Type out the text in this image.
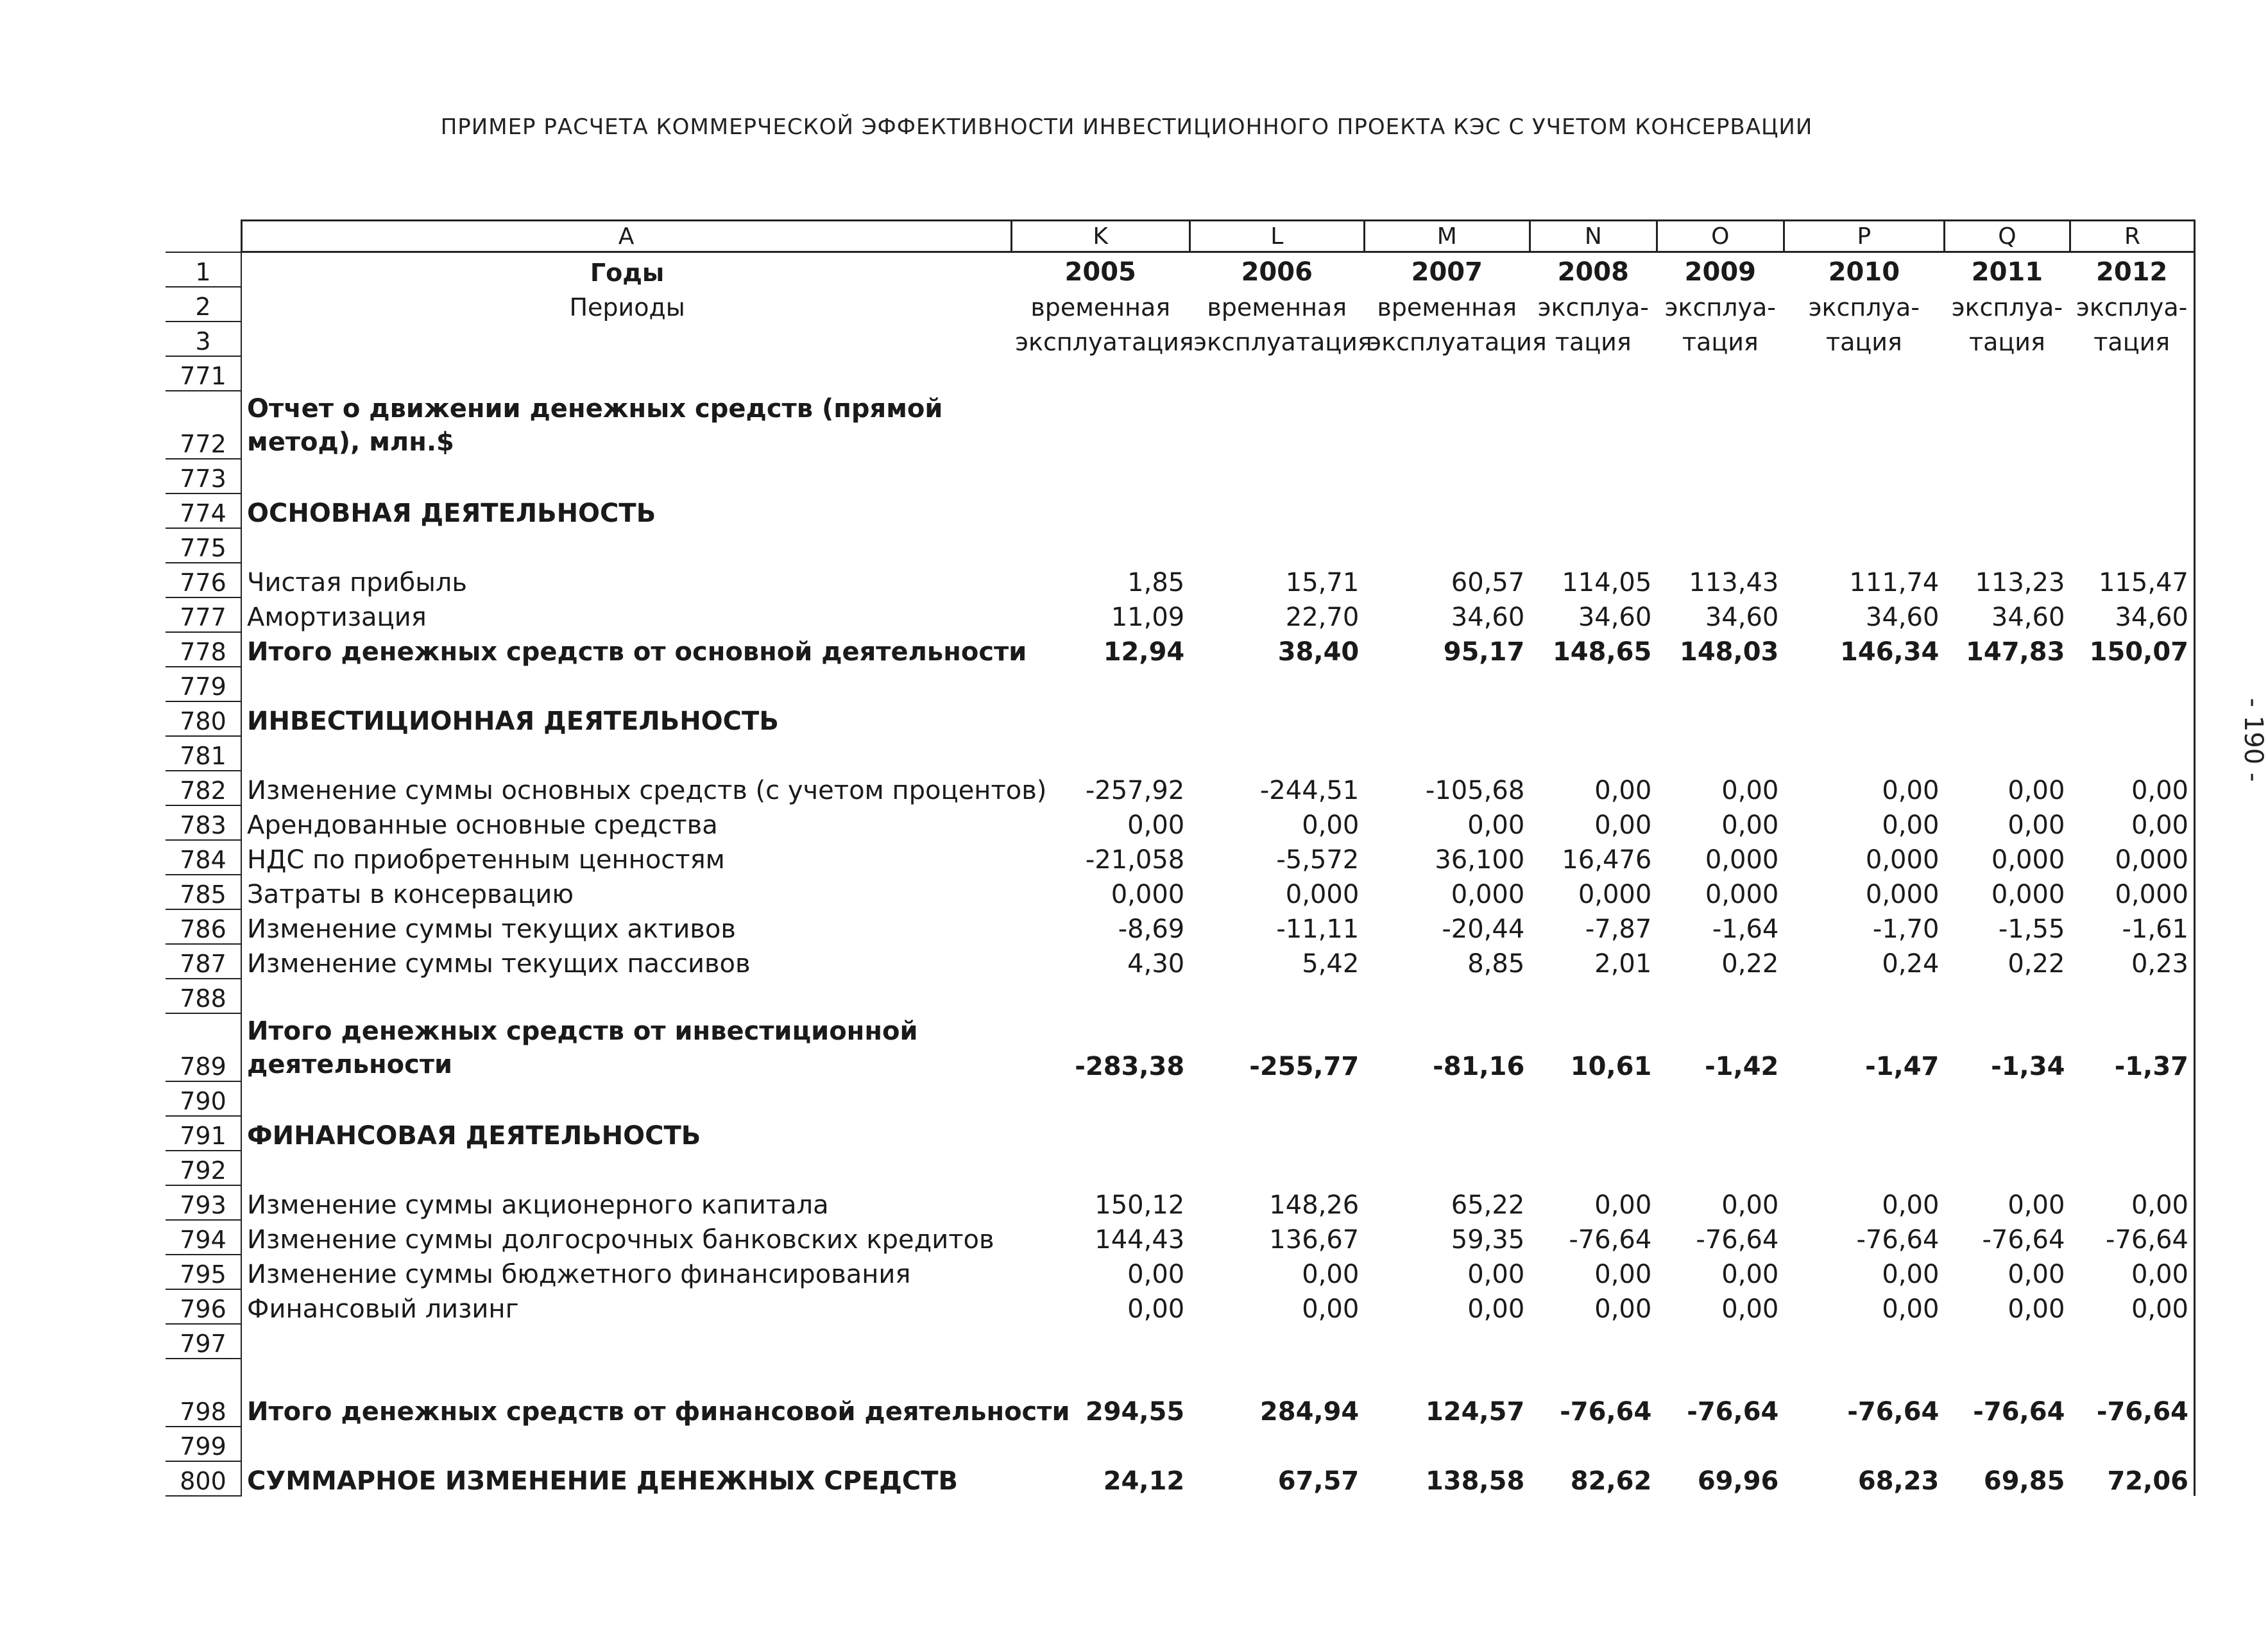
ПРИМЕР РАСЧЕТА КОММЕРЧЕСКОЙ ЭФФЕКТИВНОСТИ ИНВЕСТИЦИОННОГО ПРОЕКТА КЭС С УЧЕТОМ КОНСЕРВАЦИИ
	A	K	L	M	N	O	P	Q	R
1	Годы	2005	2006	2007	2008	2009	2010	2011	2012
2	Периоды	временная	временная	временная	эксплуа-	эксплуа-	эксплуа-	эксплуа-	эксплуа-
3		эксплуатация	эксплуатация	эксплуатация	тация	тация	тация	тация	тация
771									
772	Отчет о движении денежных средств (прямой метод), млн.$								
773									
774	ОСНОВНАЯ ДЕЯТЕЛЬНОСТЬ								
775									
776	Чистая прибыль	1,85	15,71	60,57	114,05	113,43	111,74	113,23	115,47
777	Амортизация	11,09	22,70	34,60	34,60	34,60	34,60	34,60	34,60
778	Итого денежных средств от основной деятельности	12,94	38,40	95,17	148,65	148,03	146,34	147,83	150,07
779									
780	ИНВЕСТИЦИОННАЯ ДЕЯТЕЛЬНОСТЬ								
781									
782	Изменение суммы основных средств (с учетом процентов)	-257,92	-244,51	-105,68	0,00	0,00	0,00	0,00	0,00
783	Арендованные основные средства	0,00	0,00	0,00	0,00	0,00	0,00	0,00	0,00
784	НДС по приобретенным ценностям	-21,058	-5,572	36,100	16,476	0,000	0,000	0,000	0,000
785	Затраты в консервацию	0,000	0,000	0,000	0,000	0,000	0,000	0,000	0,000
786	Изменение суммы текущих активов	-8,69	-11,11	-20,44	-7,87	-1,64	-1,70	-1,55	-1,61
787	Изменение суммы текущих пассивов	4,30	5,42	8,85	2,01	0,22	0,24	0,22	0,23
788									
789	Итого денежных средств от инвестиционной деятельности	-283,38	-255,77	-81,16	10,61	-1,42	-1,47	-1,34	-1,37
790									
791	ФИНАНСОВАЯ ДЕЯТЕЛЬНОСТЬ								
792									
793	Изменение суммы акционерного капитала	150,12	148,26	65,22	0,00	0,00	0,00	0,00	0,00
794	Изменение суммы долгосрочных банковских кредитов	144,43	136,67	59,35	-76,64	-76,64	-76,64	-76,64	-76,64
795	Изменение суммы бюджетного финансирования	0,00	0,00	0,00	0,00	0,00	0,00	0,00	0,00
796	Финансовый лизинг	0,00	0,00	0,00	0,00	0,00	0,00	0,00	0,00
797									
798	Итого денежных средств от финансовой деятельности	294,55	284,94	124,57	-76,64	-76,64	-76,64	-76,64	-76,64
799									
800	СУММАРНОЕ ИЗМЕНЕНИЕ ДЕНЕЖНЫХ СРЕДСТВ	24,12	67,57	138,58	82,62	69,96	68,23	69,85	72,06
- 190 -
